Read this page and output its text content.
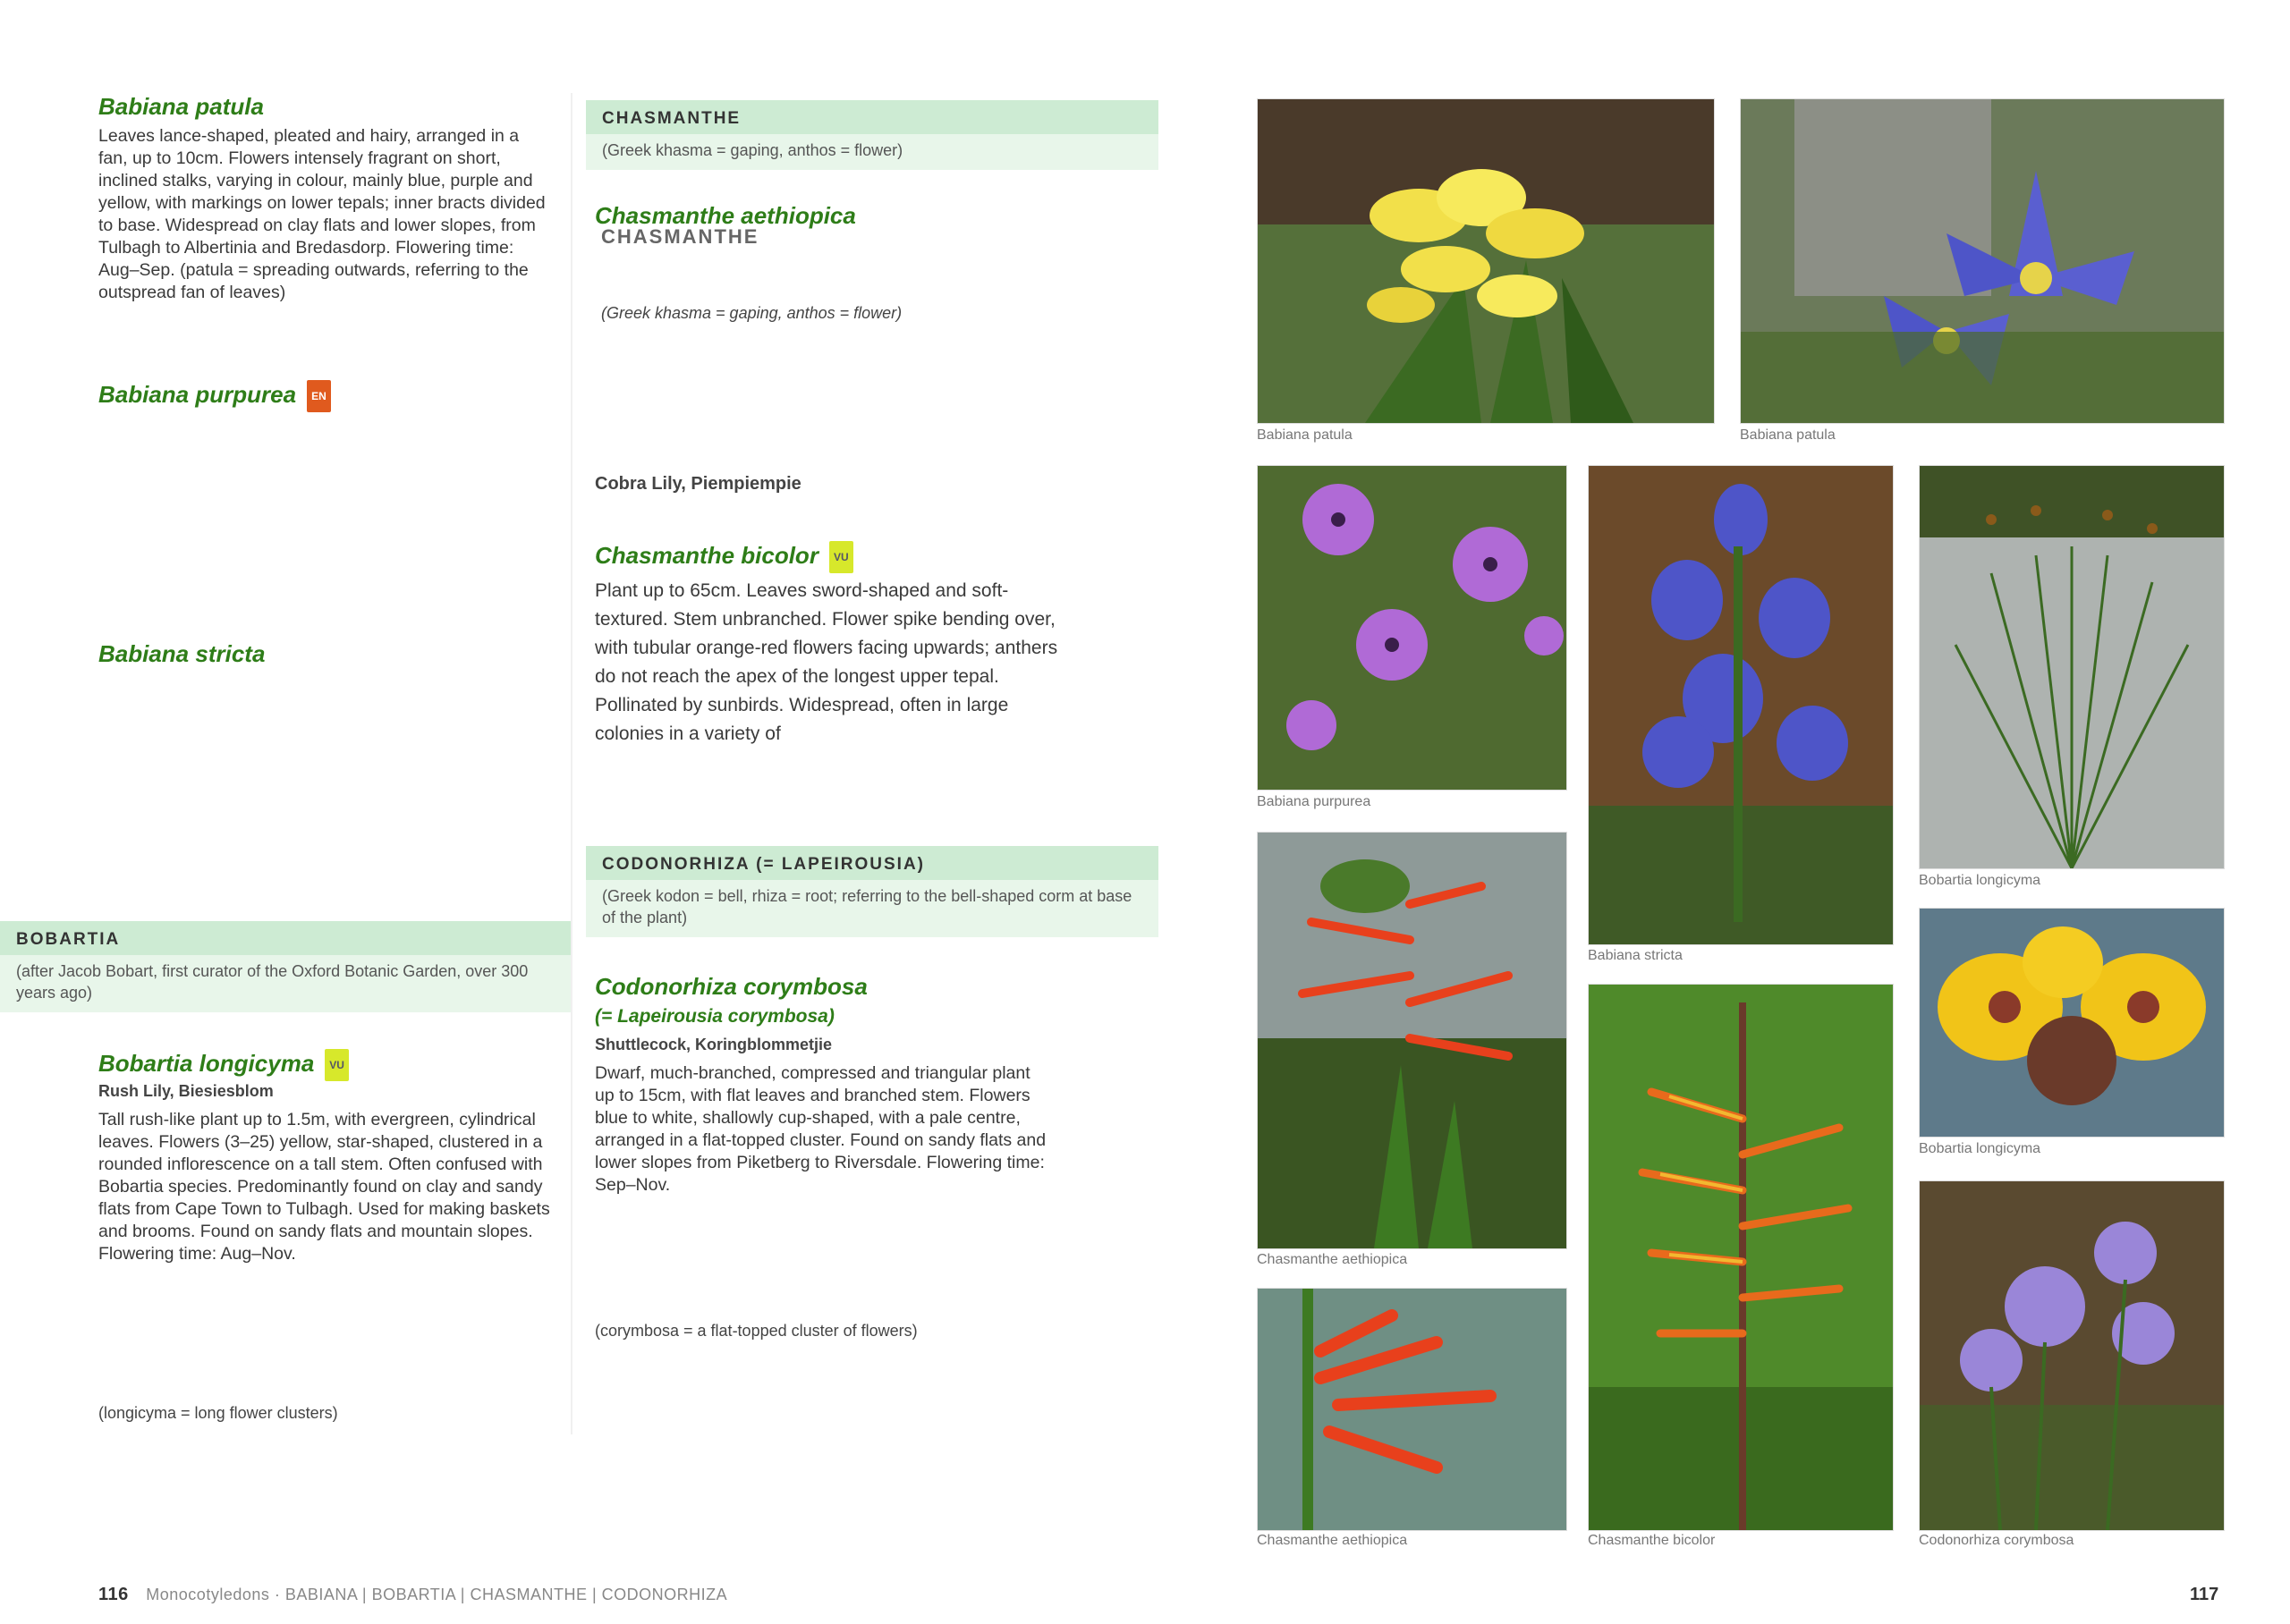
Babiana patula

Leaves lance-shaped, pleated and hairy, arranged in a fan, up to 10cm. Flowers intensely fragrant on short, inclined stalks, varying in colour, mainly blue, purple and yellow, with markings on lower tepals; inner bracts divided to base. Widespread on clay flats and lower slopes, from Tulbagh to Albertinia and Bredasdorp. Flowering time: Aug–Sep. (patula = spreading outwards, referring to the outspread fan of leaves)

Babiana purpurea EN
Babiana stricta
BOBARTIA
(after Jacob Bobart, first curator of the Oxford Botanic Garden, over 300 years ago)
Bobartia longicyma VU
Rush Lily, Biesiesblom

Tall rush-like plant up to 1.5m, with evergreen, cylindrical leaves. Flowers (3–25) yellow, star-shaped, clustered in a rounded inflorescence on a tall stem. Often confused with Bobartia species. Predominantly found on clay and sandy flats from Cape Town to Tulbagh. Used for making baskets and brooms. Found on sandy flats and mountain slopes. Flowering time: Aug–Nov.

(longicyma = long flower clusters)
CHASMANTHE
(Greek khasma = gaping, anthos = flower)
Chasmanthe aethiopica
CHASMANTHE
(Greek khasma = gaping, anthos = flower)
Cobra Lily, Piempiempie
Chasmanthe bicolor VU

Plant up to 65cm. Leaves sword-shaped and soft-textured. Stem unbranched. Flower spike bending over, with tubular orange-red flowers facing upwards; anthers do not reach the apex of the longest upper tepal. Pollinated by sunbirds. Widespread, often in large colonies in a variety of

CODONORHIZA (= LAPEIROUSIA)
(Greek kodon = bell, rhiza = root; referring to the bell-shaped corm at base of the plant)
Codonorhiza corymbosa
(= Lapeirousia corymbosa)
Shuttlecock, Koringblommetjie

Dwarf, much-branched, compressed and triangular plant up to 15cm, with flat leaves and branched stem. Flowers blue to white, shallowly cup-shaped, with a pale centre, arranged in a flat-topped cluster. Found on sandy flats and lower slopes from Piketberg to Riversdale. Flowering time: Sep–Nov.

(corymbosa = a flat-topped cluster of flowers)
Babiana patula	Babiana patula
Babiana purpurea
Babiana stricta
Bobartia longicyma
Chasmanthe aethiopica
Bobartia longicyma
Chasmanthe aethiopica	Chasmanthe bicolor	Codonorhiza corymbosa
116 Monocotyledons · BABIANA | BOBARTIA | CHASMANTHE | CODONORHIZA	117
